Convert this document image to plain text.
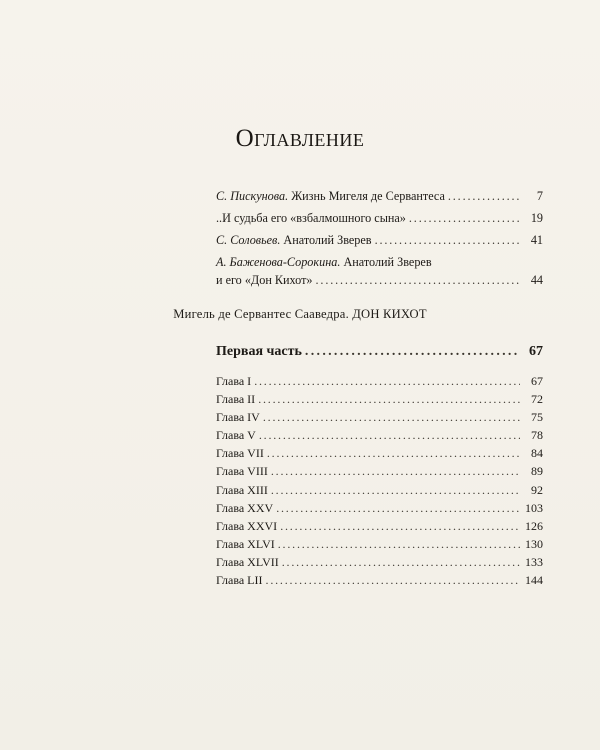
Оглавление
С. Пискунова. Жизнь Мигеля де Сервантеса . . .	7
..И судьба его «взбалмошного сына» . . .	19
С. Соловьев. Анатолий Зверев . . .	41
А. Баженова-Сорокина. Анатолий Зверев
и его «Дон Кихот» . . .	44
Мигель де Сервантес Сааведра. ДОН КИХОТ
Первая часть . . .	67
Глава I . . .	67
Глава II . . .	72
Глава IV . . .	75
Глава V . . .	78
Глава VII . . .	84
Глава VIII . . .	89
Глава XIII . . .	92
Глава XXV . . .	103
Глава XXVI . . .	126
Глава XLVI . . .	130
Глава XLVII . . .	133
Глава LII . . .	144
